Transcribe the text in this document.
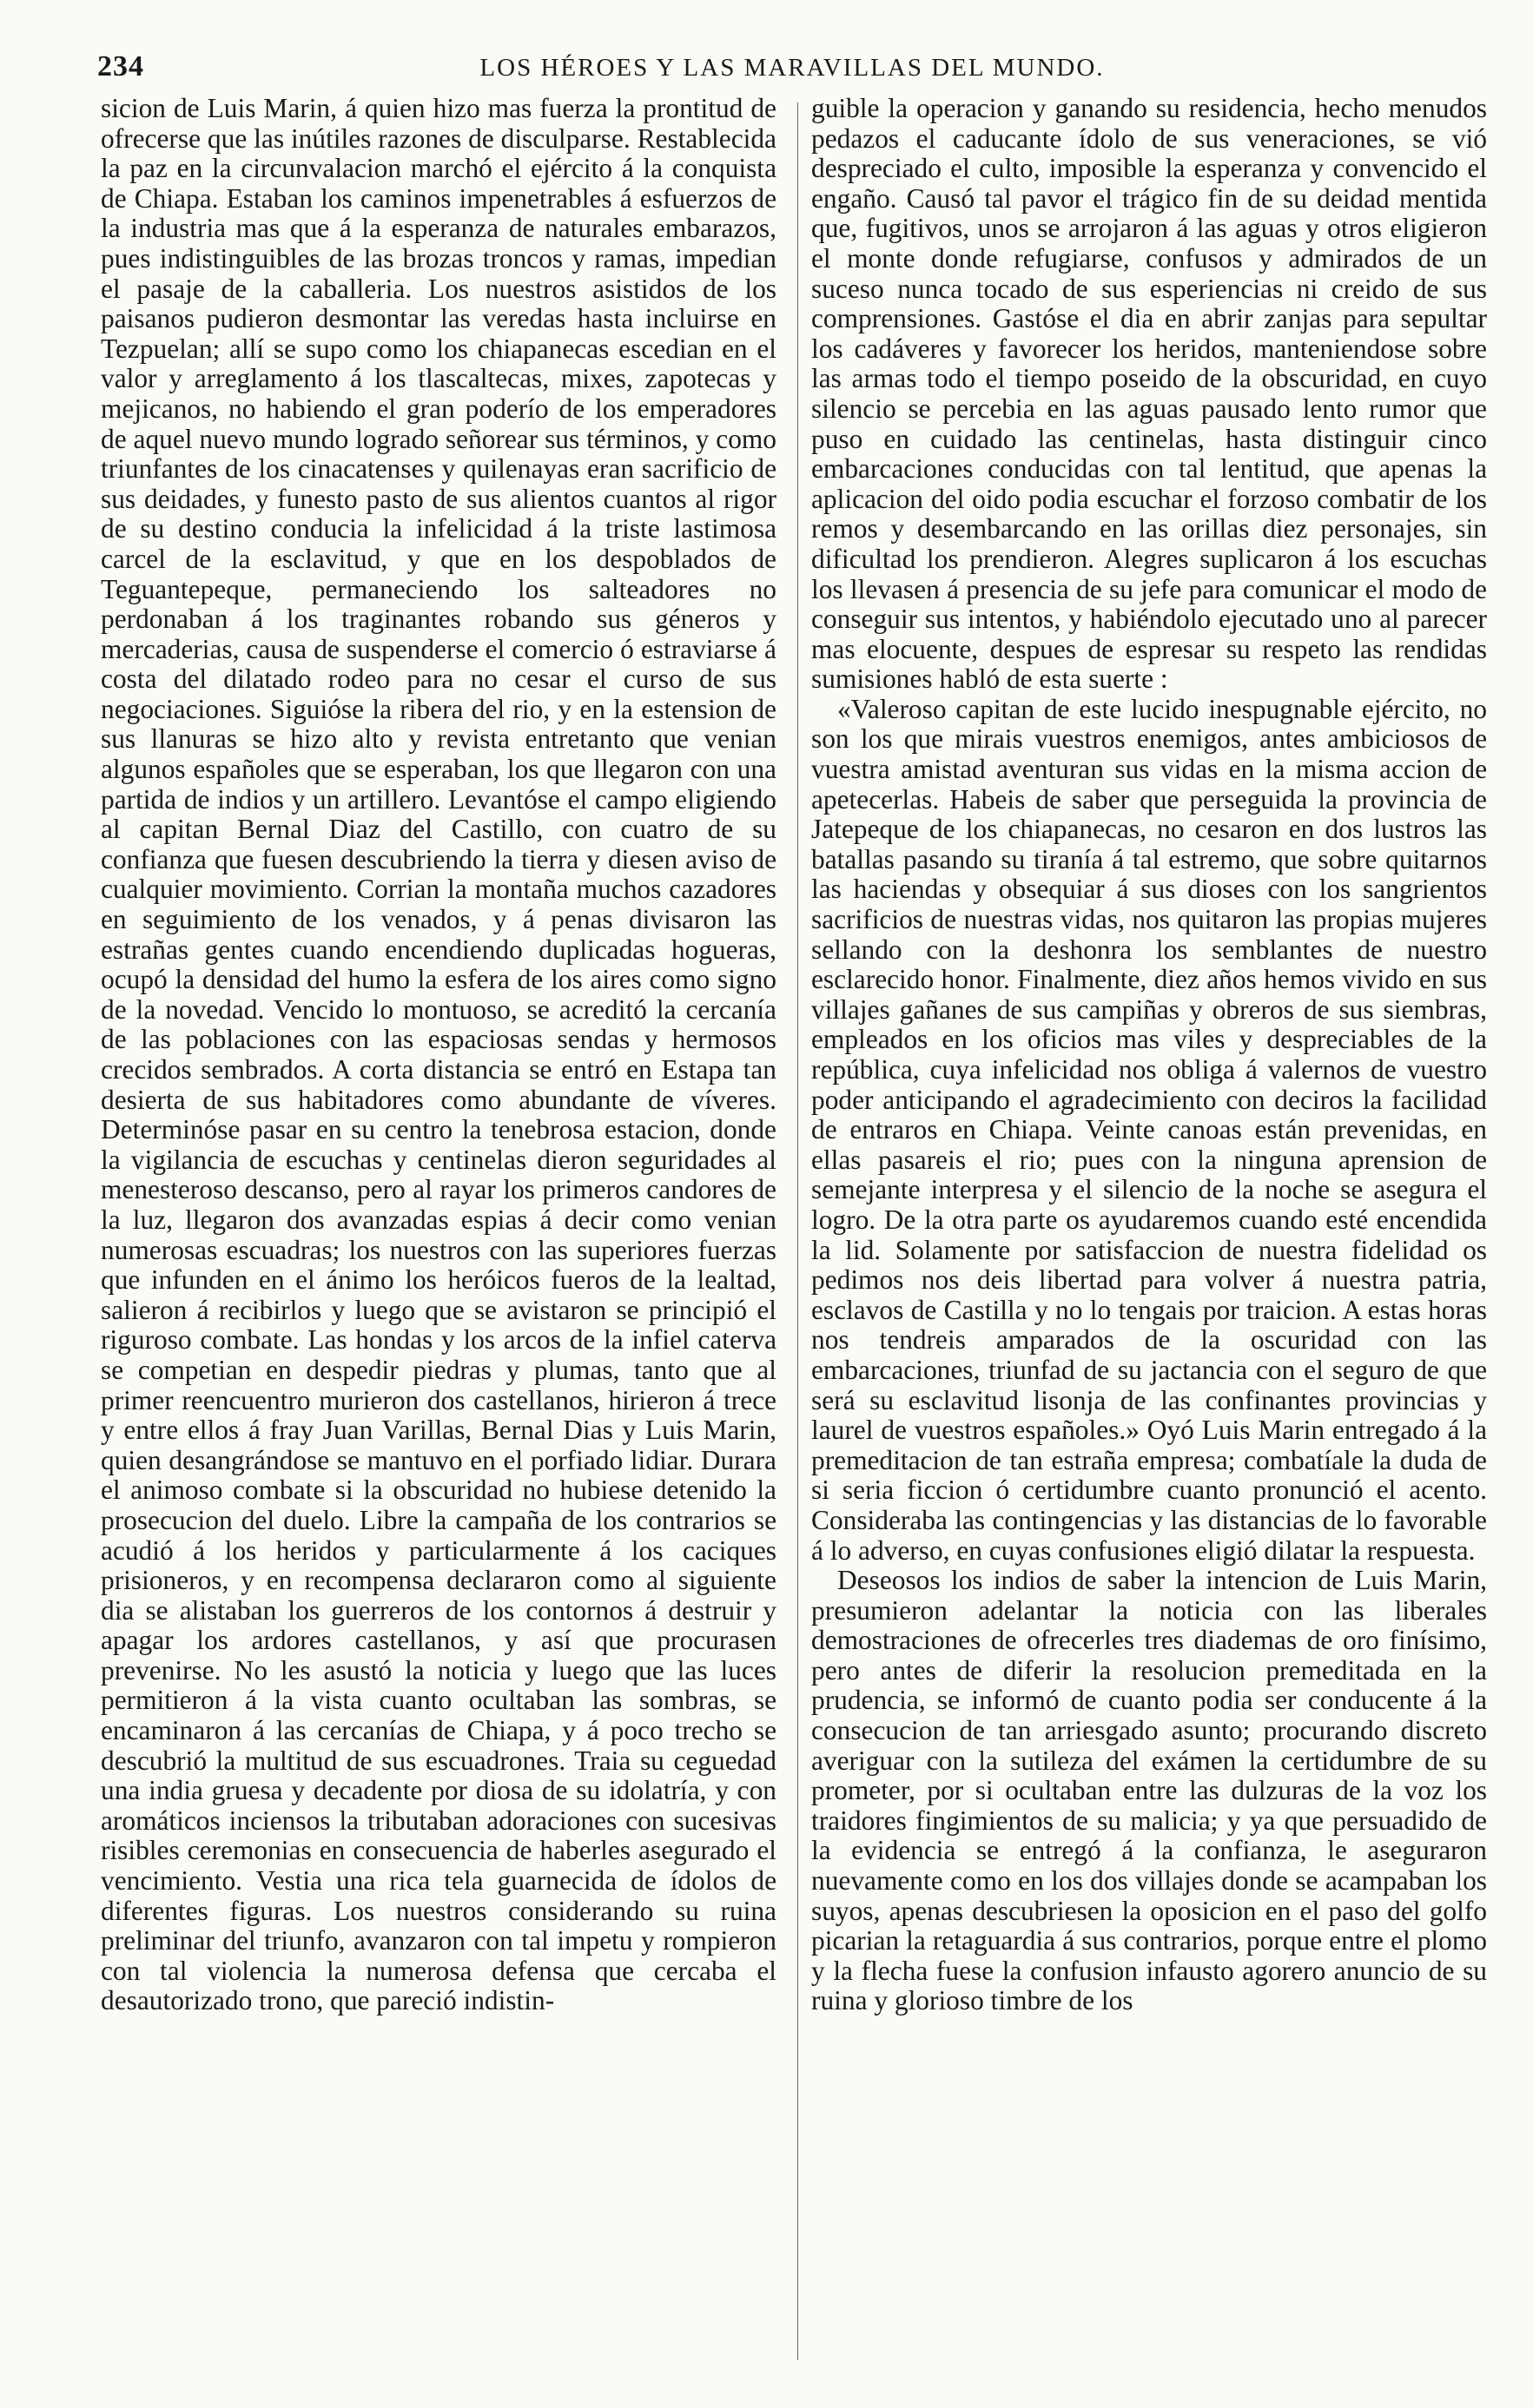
234	LOS HÉROES Y LAS MARAVILLAS DEL MUNDO.

sicion de Luis Marin, á quien hizo mas fuerza la prontitud de ofrecerse que las inútiles razones de disculparse. Restablecida la paz en la circunvalacion marchó el ejército á la conquista de Chiapa. Estaban los caminos impenetrables á esfuerzos de la industria mas que á la esperanza de naturales embarazos, pues indistinguibles de las brozas troncos y ramas, impedian el pasaje de la caballeria. Los nuestros asistidos de los paisanos pudieron desmontar las veredas hasta incluirse en Tezpuelan; allí se supo como los chiapanecas escedian en el valor y arreglamento á los tlascaltecas, mixes, zapotecas y mejicanos, no habiendo el gran poderío de los emperadores de aquel nuevo mundo logrado señorear sus términos, y como triunfantes de los cinacatenses y quilenayas eran sacrificio de sus deidades, y funesto pasto de sus alientos cuantos al rigor de su destino conducia la infelicidad á la triste lastimosa carcel de la esclavitud, y que en los despoblados de Teguantepeque, permaneciendo los salteadores no perdonaban á los traginantes robando sus géneros y mercaderias, causa de suspenderse el comercio ó estraviarse á costa del dilatado rodeo para no cesar el curso de sus negociaciones. Siguióse la ribera del rio, y en la estension de sus llanuras se hizo alto y revista entretanto que venian algunos españoles que se esperaban, los que llegaron con una partida de indios y un artillero. Levantóse el campo eligiendo al capitan Bernal Diaz del Castillo, con cuatro de su confianza que fuesen descubriendo la tierra y diesen aviso de cualquier movimiento. Corrian la montaña muchos cazadores en seguimiento de los venados, y á penas divisaron las estrañas gentes cuando encendiendo duplicadas hogueras, ocupó la densidad del humo la esfera de los aires como signo de la novedad. Vencido lo montuoso, se acreditó la cercanía de las poblaciones con las espaciosas sendas y hermosos crecidos sembrados. A corta distancia se entró en Estapa tan desierta de sus habitadores como abundante de víveres. Determinóse pasar en su centro la tenebrosa estacion, donde la vigilancia de escuchas y centinelas dieron seguridades al menesteroso descanso, pero al rayar los primeros candores de la luz, llegaron dos avanzadas espias á decir como venian numerosas escuadras; los nuestros con las superiores fuerzas que infunden en el ánimo los heróicos fueros de la lealtad, salieron á recibirlos y luego que se avistaron se principió el riguroso combate. Las hondas y los arcos de la infiel caterva se competian en despedir piedras y plumas, tanto que al primer reencuentro murieron dos castellanos, hirieron á trece y entre ellos á fray Juan Varillas, Bernal Dias y Luis Marin, quien desangrándose se mantuvo en el porfiado lidiar. Durara el animoso combate si la obscuridad no hubiese detenido la prosecucion del duelo. Libre la campaña de los contrarios se acudió á los heridos y particularmente á los caciques prisioneros, y en recompensa declararon como al siguiente dia se alistaban los guerreros de los contornos á destruir y apagar los ardores castellanos, y así que procurasen prevenirse. No les asustó la noticia y luego que las luces permitieron á la vista cuanto ocultaban las sombras, se encaminaron á las cercanías de Chiapa, y á poco trecho se descubrió la multitud de sus escuadrones. Traia su ceguedad una india gruesa y decadente por diosa de su idolatría, y con aromáticos inciensos la tributaban adoraciones con sucesivas risibles ceremonias en consecuencia de haberles asegurado el vencimiento. Vestia una rica tela guarnecida de ídolos de diferentes figuras. Los nuestros considerando su ruina preliminar del triunfo, avanzaron con tal impetu y rompieron con tal violencia la numerosa defensa que cercaba el desautorizado trono, que pareció indistin-

guible la operacion y ganando su residencia, hecho menudos pedazos el caducante ídolo de sus veneraciones, se vió despreciado el culto, imposible la esperanza y convencido el engaño. Causó tal pavor el trágico fin de su deidad mentida que, fugitivos, unos se arrojaron á las aguas y otros eligieron el monte donde refugiarse, confusos y admirados de un suceso nunca tocado de sus esperiencias ni creido de sus comprensiones. Gastóse el dia en abrir zanjas para sepultar los cadáveres y favorecer los heridos, manteniendose sobre las armas todo el tiempo poseido de la obscuridad, en cuyo silencio se percebia en las aguas pausado lento rumor que puso en cuidado las centinelas, hasta distinguir cinco embarcaciones conducidas con tal lentitud, que apenas la aplicacion del oido podia escuchar el forzoso combatir de los remos y desembarcando en las orillas diez personajes, sin dificultad los prendieron. Alegres suplicaron á los escuchas los llevasen á presencia de su jefe para comunicar el modo de conseguir sus intentos, y habiéndolo ejecutado uno al parecer mas elocuente, despues de espresar su respeto las rendidas sumisiones habló de esta suerte :

«Valeroso capitan de este lucido inespugnable ejército, no son los que mirais vuestros enemigos, antes ambiciosos de vuestra amistad aventuran sus vidas en la misma accion de apetecerlas. Habeis de saber que perseguida la provincia de Jatepeque de los chiapanecas, no cesaron en dos lustros las batallas pasando su tiranía á tal estremo, que sobre quitarnos las haciendas y obsequiar á sus dioses con los sangrientos sacrificios de nuestras vidas, nos quitaron las propias mujeres sellando con la deshonra los semblantes de nuestro esclarecido honor. Finalmente, diez años hemos vivido en sus villajes gañanes de sus campiñas y obreros de sus siembras, empleados en los oficios mas viles y despreciables de la república, cuya infelicidad nos obliga á valernos de vuestro poder anticipando el agradecimiento con deciros la facilidad de entraros en Chiapa. Veinte canoas están prevenidas, en ellas pasareis el rio; pues con la ninguna aprension de semejante interpresa y el silencio de la noche se asegura el logro. De la otra parte os ayudaremos cuando esté encendida la lid. Solamente por satisfaccion de nuestra fidelidad os pedimos nos deis libertad para volver á nuestra patria, esclavos de Castilla y no lo tengais por traicion. A estas horas nos tendreis amparados de la oscuridad con las embarcaciones, triunfad de su jactancia con el seguro de que será su esclavitud lisonja de las confinantes provincias y laurel de vuestros españoles.» Oyó Luis Marin entregado á la premeditacion de tan estraña empresa; combatíale la duda de si seria ficcion ó certidumbre cuanto pronunció el acento. Consideraba las contingencias y las distancias de lo favorable á lo adverso, en cuyas confusiones eligió dilatar la respuesta.

Deseosos los indios de saber la intencion de Luis Marin, presumieron adelantar la noticia con las liberales demostraciones de ofrecerles tres diademas de oro finísimo, pero antes de diferir la resolucion premeditada en la prudencia, se informó de cuanto podia ser conducente á la consecucion de tan arriesgado asunto; procurando discreto averiguar con la sutileza del exámen la certidumbre de su prometer, por si ocultaban entre las dulzuras de la voz los traidores fingimientos de su malicia; y ya que persuadido de la evidencia se entregó á la confianza, le aseguraron nuevamente como en los dos villajes donde se acampaban los suyos, apenas descubriesen la oposicion en el paso del golfo picarian la retaguardia á sus contrarios, porque entre el plomo y la flecha fuese la confusion infausto agorero anuncio de su ruina y glorioso timbre de los
